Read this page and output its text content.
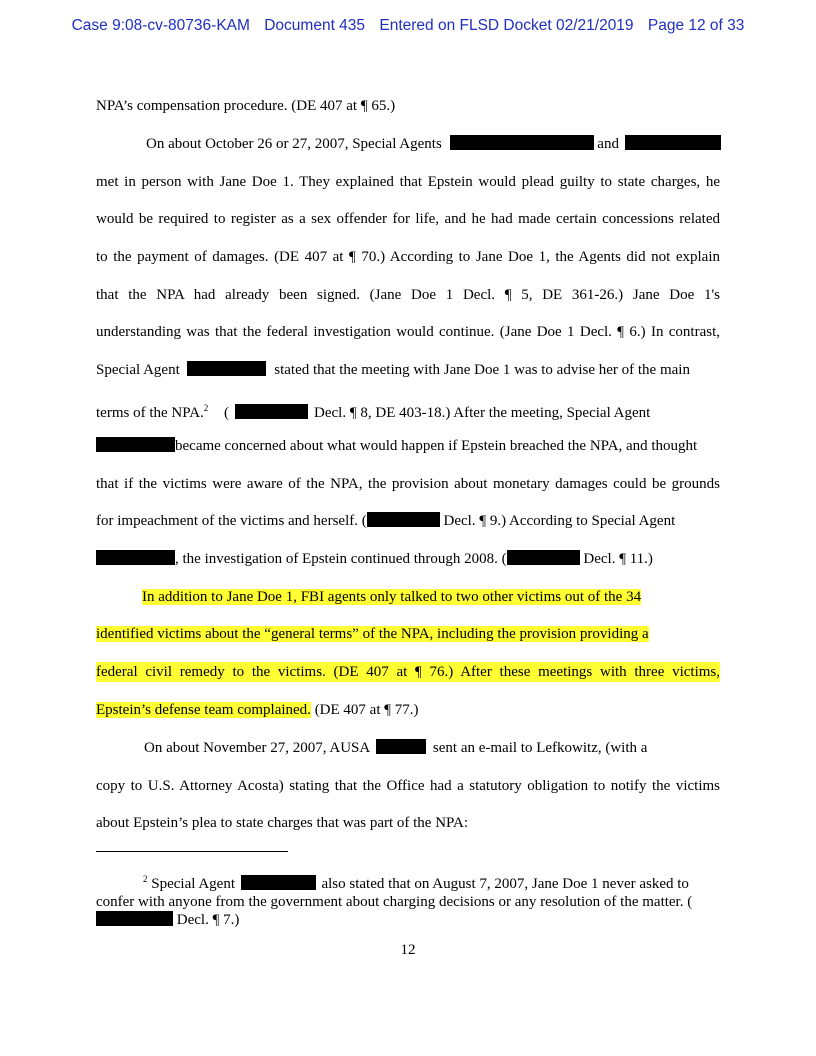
Case 9:08-cv-80736-KAM Document 435 Entered on FLSD Docket 02/21/2019 Page 12 of 33
NPA’s compensation procedure. (DE 407 at ¶ 65.)
On about October 26 or 27, 2007, Special Agents	and
met in person with Jane Doe 1. They explained that Epstein would plead guilty to state charges, he
would be required to register as a sex offender for life, and he had made certain concessions related
to the payment of damages. (DE 407 at ¶ 70.) According to Jane Doe 1, the Agents did not explain
that the NPA had already been signed. (Jane Doe 1 Decl. ¶ 5, DE 361-26.) Jane Doe 1's
understanding was that the federal investigation would continue. (Jane Doe 1 Decl. ¶ 6.) In contrast,
Special Agent	stated that the meeting with Jane Doe 1 was to advise her of the main
terms of the NPA.$^2$ (	Decl. ¶ 8, DE 403-18.) After the meeting, Special Agent
became concerned about what would happen if Epstein breached the NPA, and thought
that if the victims were aware of the NPA, the provision about monetary damages could be grounds
for impeachment of the victims and herself. (	Decl. ¶ 9.) According to Special Agent
, the investigation of Epstein continued through 2008. (	Decl. ¶ 11.)
In addition to Jane Doe 1, FBI agents only talked to two other victims out of the 34
identified victims about the “general terms” of the NPA, including the provision providing a
federal civil remedy to the victims. (DE 407 at ¶ 76.) After these meetings with three victims,
Epstein’s defense team complained. (DE 407 at ¶ 77.)
On about November 27, 2007, AUSA	sent an e-mail to Lefkowitz, (with a
copy to U.S. Attorney Acosta) stating that the Office had a statutory obligation to notify the victims
about Epstein’s plea to state charges that was part of the NPA:
$^2$ Special Agent	also stated that on August 7, 2007, Jane Doe 1 never asked to confer with anyone from the government about charging decisions or any resolution of the matter. ( Decl. ¶ 7.)
12
